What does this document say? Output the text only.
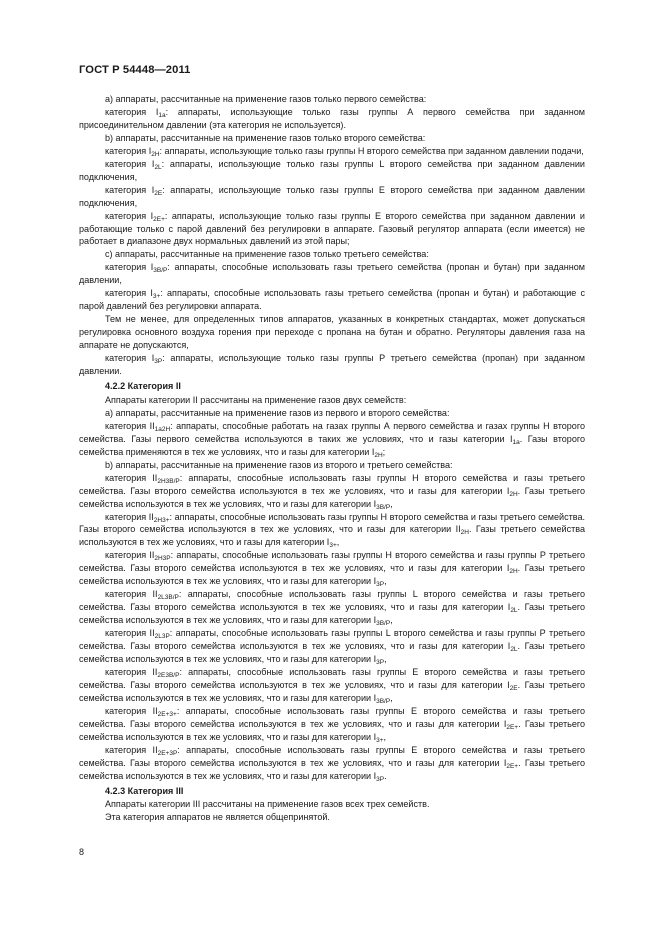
ГОСТ Р 54448—2011

а) аппараты, рассчитанные на применение газов только первого семейства:

категория $I_{1а}$: аппараты, использующие только газы группы А первого семейства при заданном присоединительном давлении (эта категория не используется).

b) аппараты, рассчитанные на применение газов только второго семейства:

категория $I_{2H}$: аппараты, использующие только газы группы Н второго семейства при заданном давлении подачи,

категория $I_{2L}$: аппараты, использующие только газы группы L второго семейства при заданном давлении подключения,

категория $I_{2E}$: аппараты, использующие только газы группы Е второго семейства при заданном давлении подключения,

категория $I_{2E+}$: аппараты, использующие только газы группы Е второго семейства при заданном давлении и работающие только с парой давлений без регулировки в аппарате. Газовый регулятор аппарата (если имеется) не работает в диапазоне двух нормальных давлений из этой пары;

с) аппараты, рассчитанные на применение газов только третьего семейства:

категория $I_{3B/P}$: аппараты, способные использовать газы третьего семейства (пропан и бутан) при заданном давлении,

категория $I_{3+}$: аппараты, способные использовать газы третьего семейства (пропан и бутан) и работающие с парой давлений без регулировки аппарата.

Тем не менее, для определенных типов аппаратов, указанных в конкретных стандартах, может допускаться регулировка основного воздуха горения при переходе с пропана на бутан и обратно. Регуляторы давления газа на аппарате не допускаются,

категория $I_{3P}$: аппараты, использующие только газы группы Р третьего семейства (пропан) при заданном давлении.

4.2.2 Категория II

Аппараты категории II рассчитаны на применение газов двух семейств:

а) аппараты, рассчитанные на применение газов из первого и второго семейства:

категория $II_{1a2H}$: аппараты, способные работать на газах группы А первого семейства и газах группы Н второго семейства. Газы первого семейства используются в таких же условиях, что и газы категории $I_{1a}$. Газы второго семейства применяются в тех же условиях, что и газы для категории $I_{2H}$;

b) аппараты, рассчитанные на применение газов из второго и третьего семейства:

категория $II_{2H3B/P}$: аппараты, способные использовать газы группы Н второго семейства и газы третьего семейства. Газы второго семейства используются в тех же условиях, что и газы для категории $I_{2H}$. Газы третьего семейства используются в тех же условиях, что и газы для категории $I_{3B/P}$,

категория $II_{2H3+}$: аппараты, способные использовать газы группы Н второго семейства и газы третьего семейства. Газы второго семейства используются в тех же условиях, что и газы для категории $II_{2H}$. Газы третьего семейства используются в тех же условиях, что и газы для категории $I_{3+}$,

категория $II_{2H3P}$: аппараты, способные использовать газы группы Н второго семейства и газы группы Р третьего семейства. Газы второго семейства используются в тех же условиях, что и газы для категории $I_{2H}$. Газы третьего семейства используются в тех же условиях, что и газы для категории $I_{3P}$,

категория $II_{2L3B/P}$: аппараты, способные использовать газы группы L второго семейства и газы третьего семейства. Газы второго семейства используются в тех же условиях, что и газы для категории $I_{2L}$. Газы третьего семейства используются в тех же условиях, что и газы для категории $I_{3B/P}$,

категория $II_{2L3P}$: аппараты, способные использовать газы группы L второго семейства и газы группы Р третьего семейства. Газы второго семейства используются в тех же условиях, что и газы для категории $I_{2L}$. Газы третьего семейства используются в тех же условиях, что и газы для категории $I_{3P}$,

категория $II_{2E3B/P}$: аппараты, способные использовать газы группы Е второго семейства и газы третьего семейства. Газы второго семейства используются в тех же условиях, что и газы для категории $I_{2E}$. Газы третьего семейства используются в тех же условиях, что и газы для категории $I_{3B/P}$,

категория $II_{2E+3+}$: аппараты, способные использовать газы группы Е второго семейства и газы третьего семейства. Газы второго семейства используются в тех же условиях, что и газы для категории $I_{2E+}$. Газы третьего семейства используются в тех же условиях, что и газы для категории $I_{3+}$,

категория $II_{2E+3P}$: аппараты, способные использовать газы группы Е второго семейства и газы третьего семейства. Газы второго семейства используются в тех же условиях, что и газы для категории $I_{2E+}$. Газы третьего семейства используются в тех же условиях, что и газы для категории $I_{3P}$.

4.2.3 Категория III

Аппараты категории III рассчитаны на применение газов всех трех семейств.

Эта категория аппаратов не является общепринятой.

8
